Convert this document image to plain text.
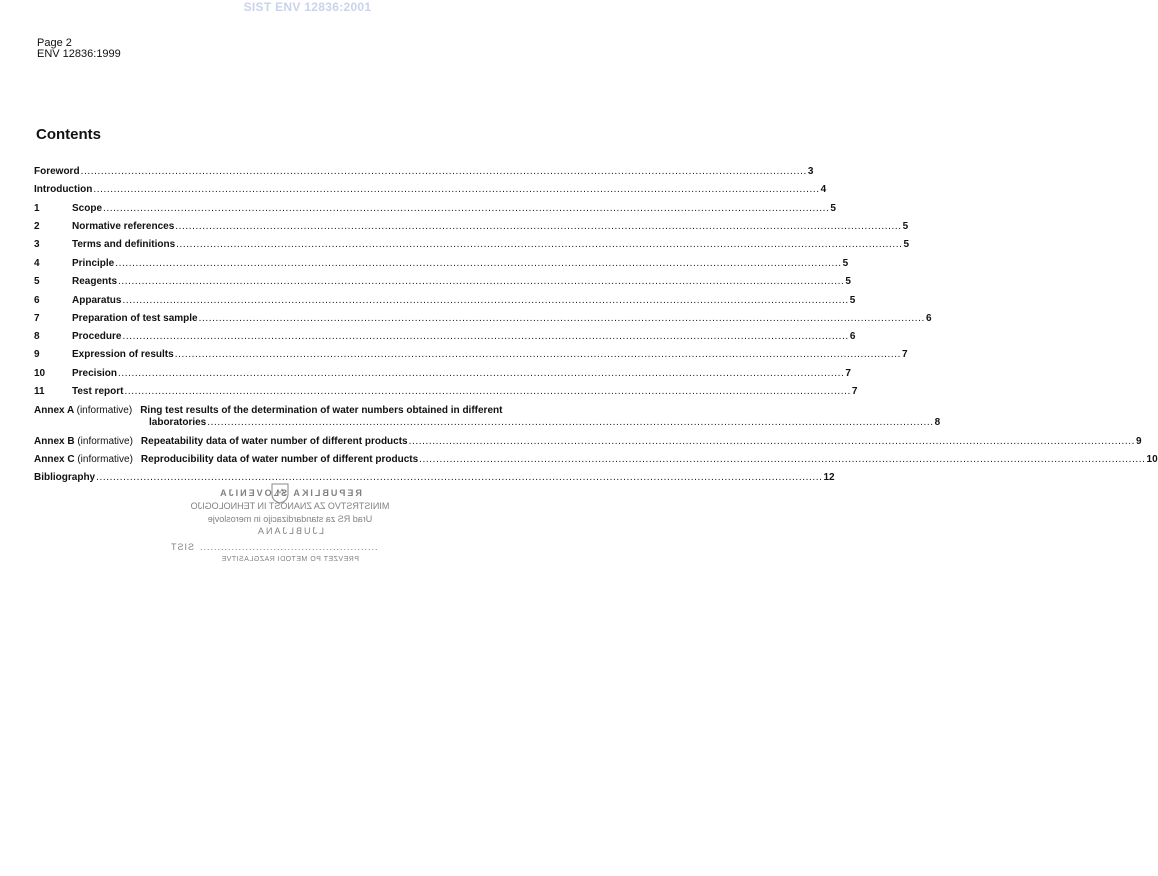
SIST ENV 12836:2001
Page 2
ENV 12836:1999
Contents
Foreword .....	3
Introduction .....	4
1	Scope .....	5
2	Normative references .....	5
3	Terms and definitions .....	5
4	Principle .....	5
5	Reagents .....	5
6	Apparatus .....	5
7	Preparation of test sample .....	6
8	Procedure .....	6
9	Expression of results .....	7
10	Precision .....	7
11	Test report .....	7
Annex A (informative) Ring test results of the determination of water numbers obtained in different
laboratories .....	8
Annex B (informative) Repeatability data of water number of different products .....	9
Annex C (informative) Reproducibility data of water number of different products .....	10
Bibliography .....	12
REPUBLIKA SLOVENIJA
MINISTRSTVO ZA ZNANOST IN TEHNOLOGIJO
Urad RS za standardizacijo in meroslovje
LJUBLJANA
SIST ...................................................
PREVZET PO METODI RAZGLASITVE
